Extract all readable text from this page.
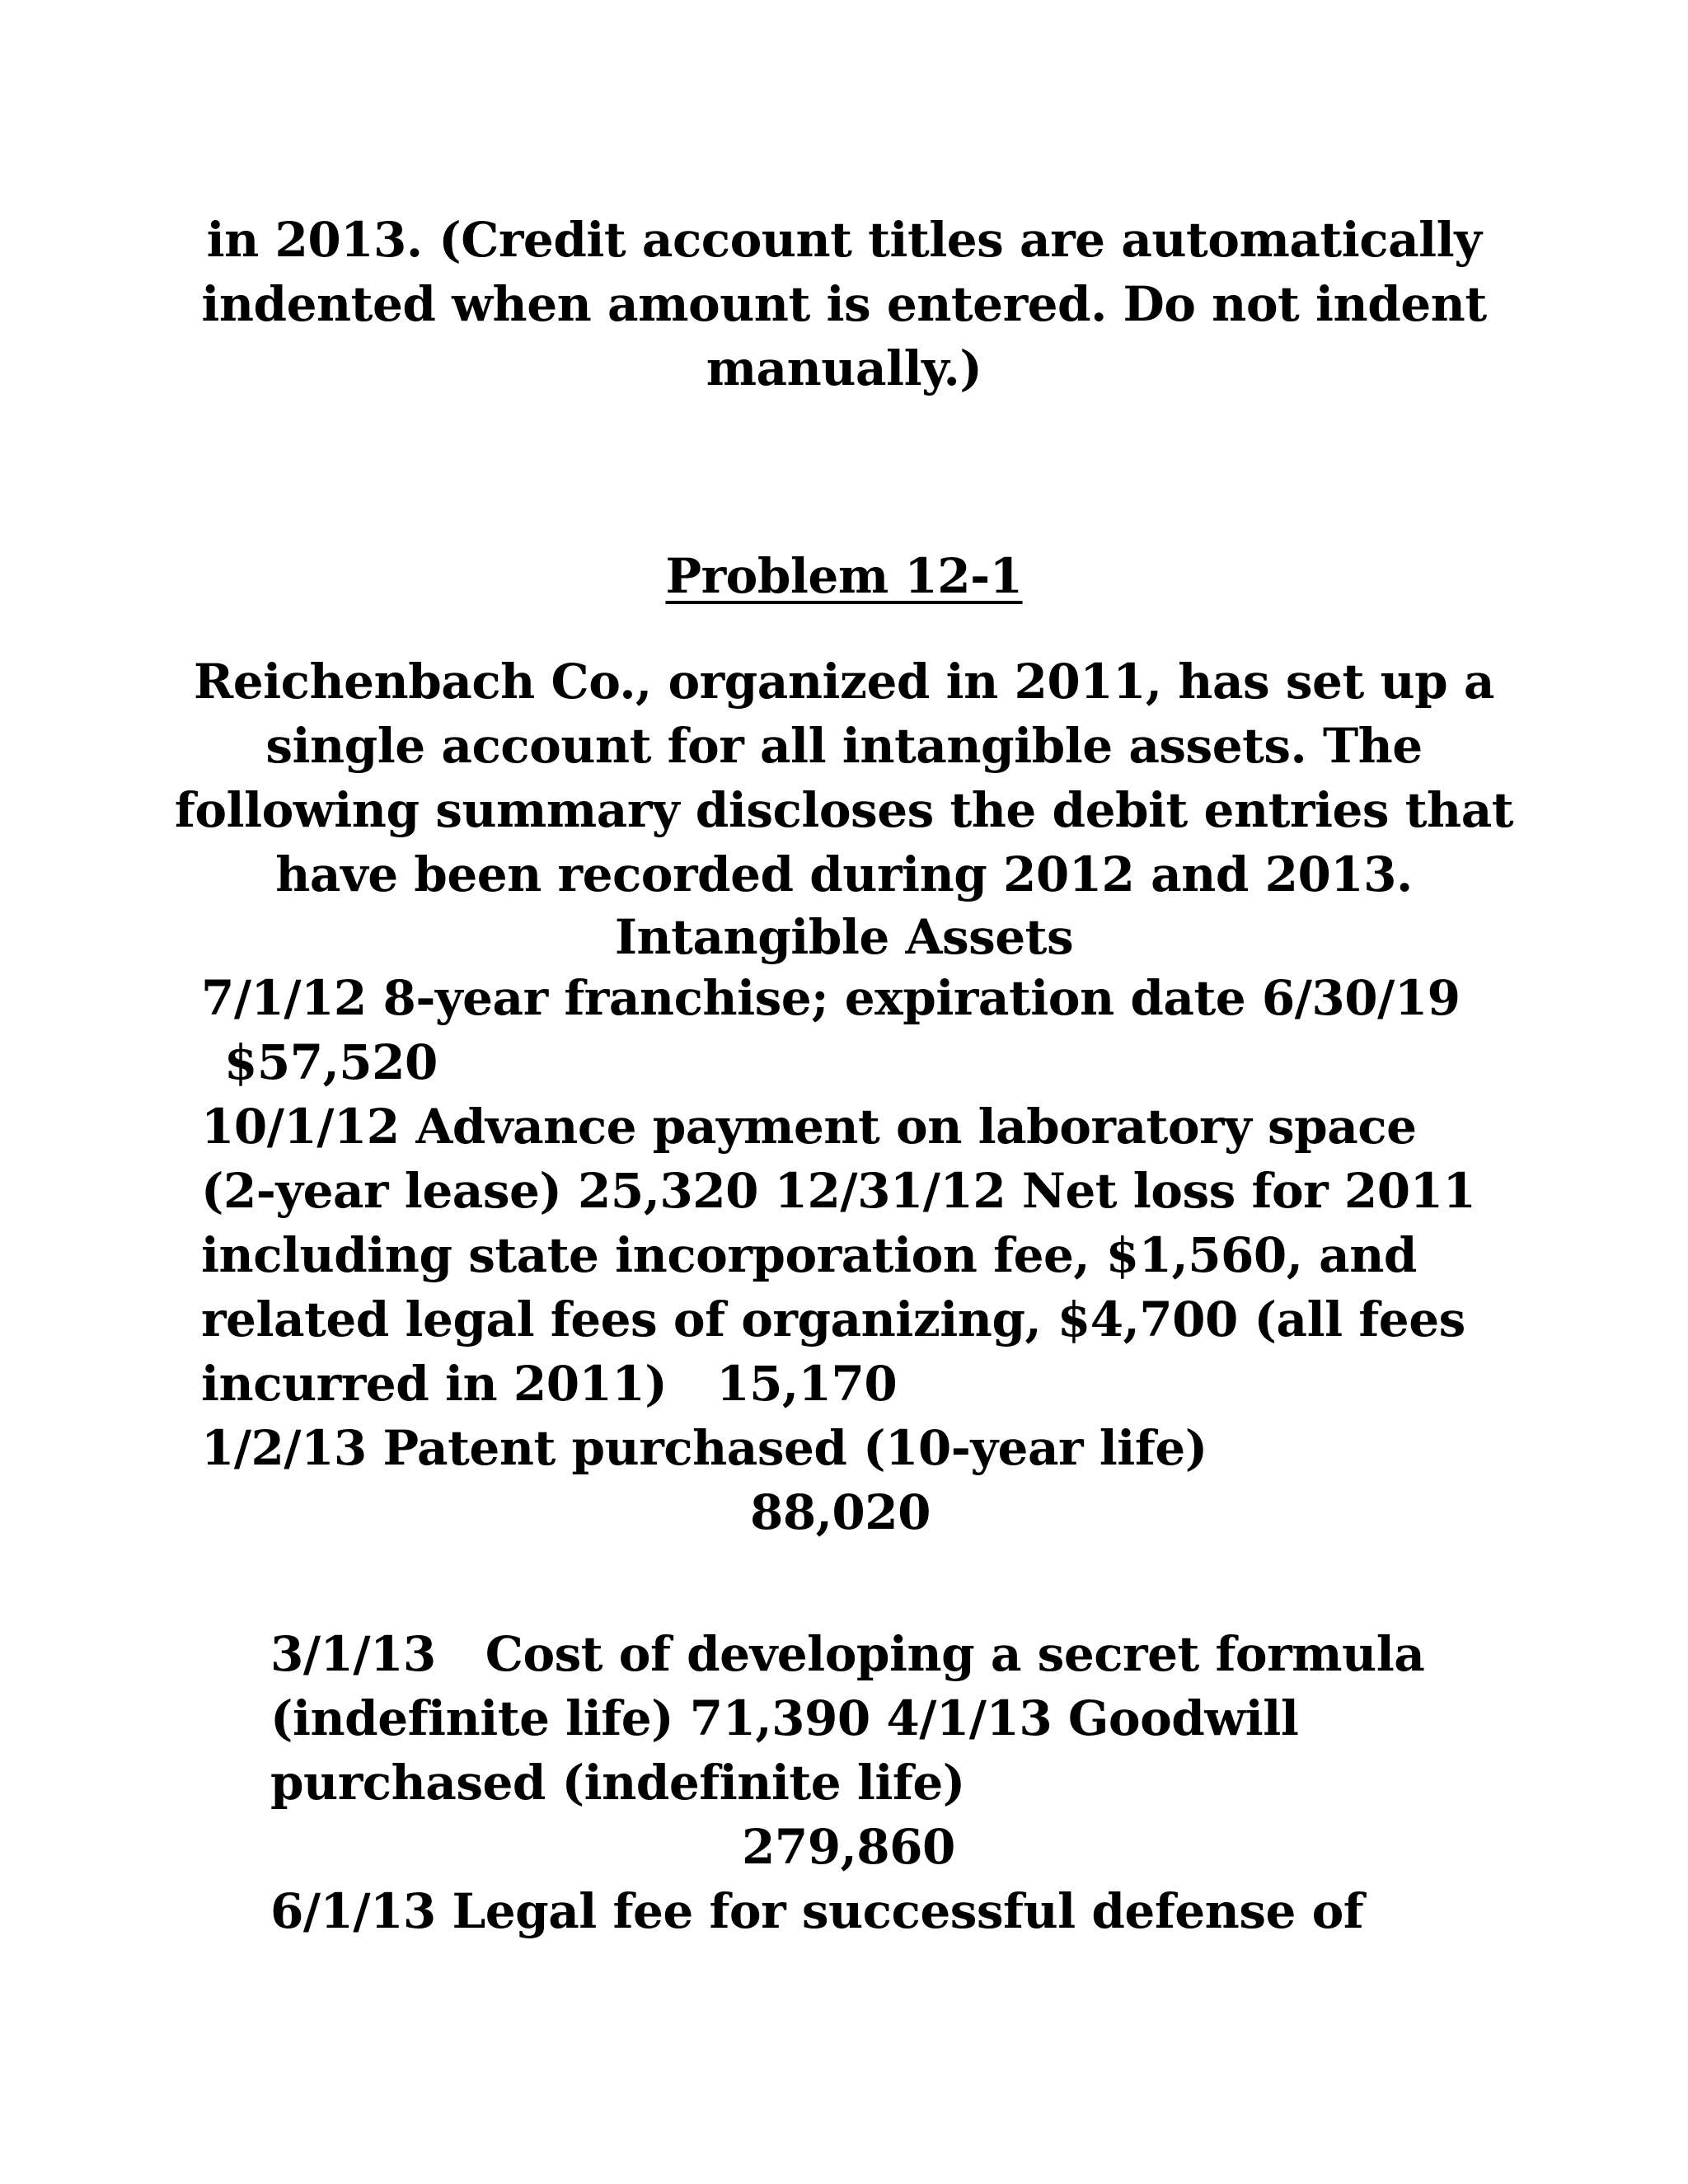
in 2013. (Credit account titles are automatically
indented when amount is entered. Do not indent
manually.)
Problem 12-1
Reichenbach Co., organized in 2011, has set up a
single account for all intangible assets. The
following summary discloses the debit entries that
have been recorded during 2012 and 2013.
Intangible Assets
7/1/12 8-year franchise; expiration date 6/30/19
$57,520
10/1/12 Advance payment on laboratory space
(2-year lease) 25,320 12/31/12 Net loss for 2011
including state incorporation fee, $1,560, and
related legal fees of organizing, $4,700 (all fees
incurred in 2011) 15,170
1/2/13 Patent purchased (10-year life)
88,020
3/1/13 Cost of developing a secret formula
(indefinite life) 71,390 4/1/13 Goodwill
purchased (indefinite life)
279,860
6/1/13 Legal fee for successful defense of
